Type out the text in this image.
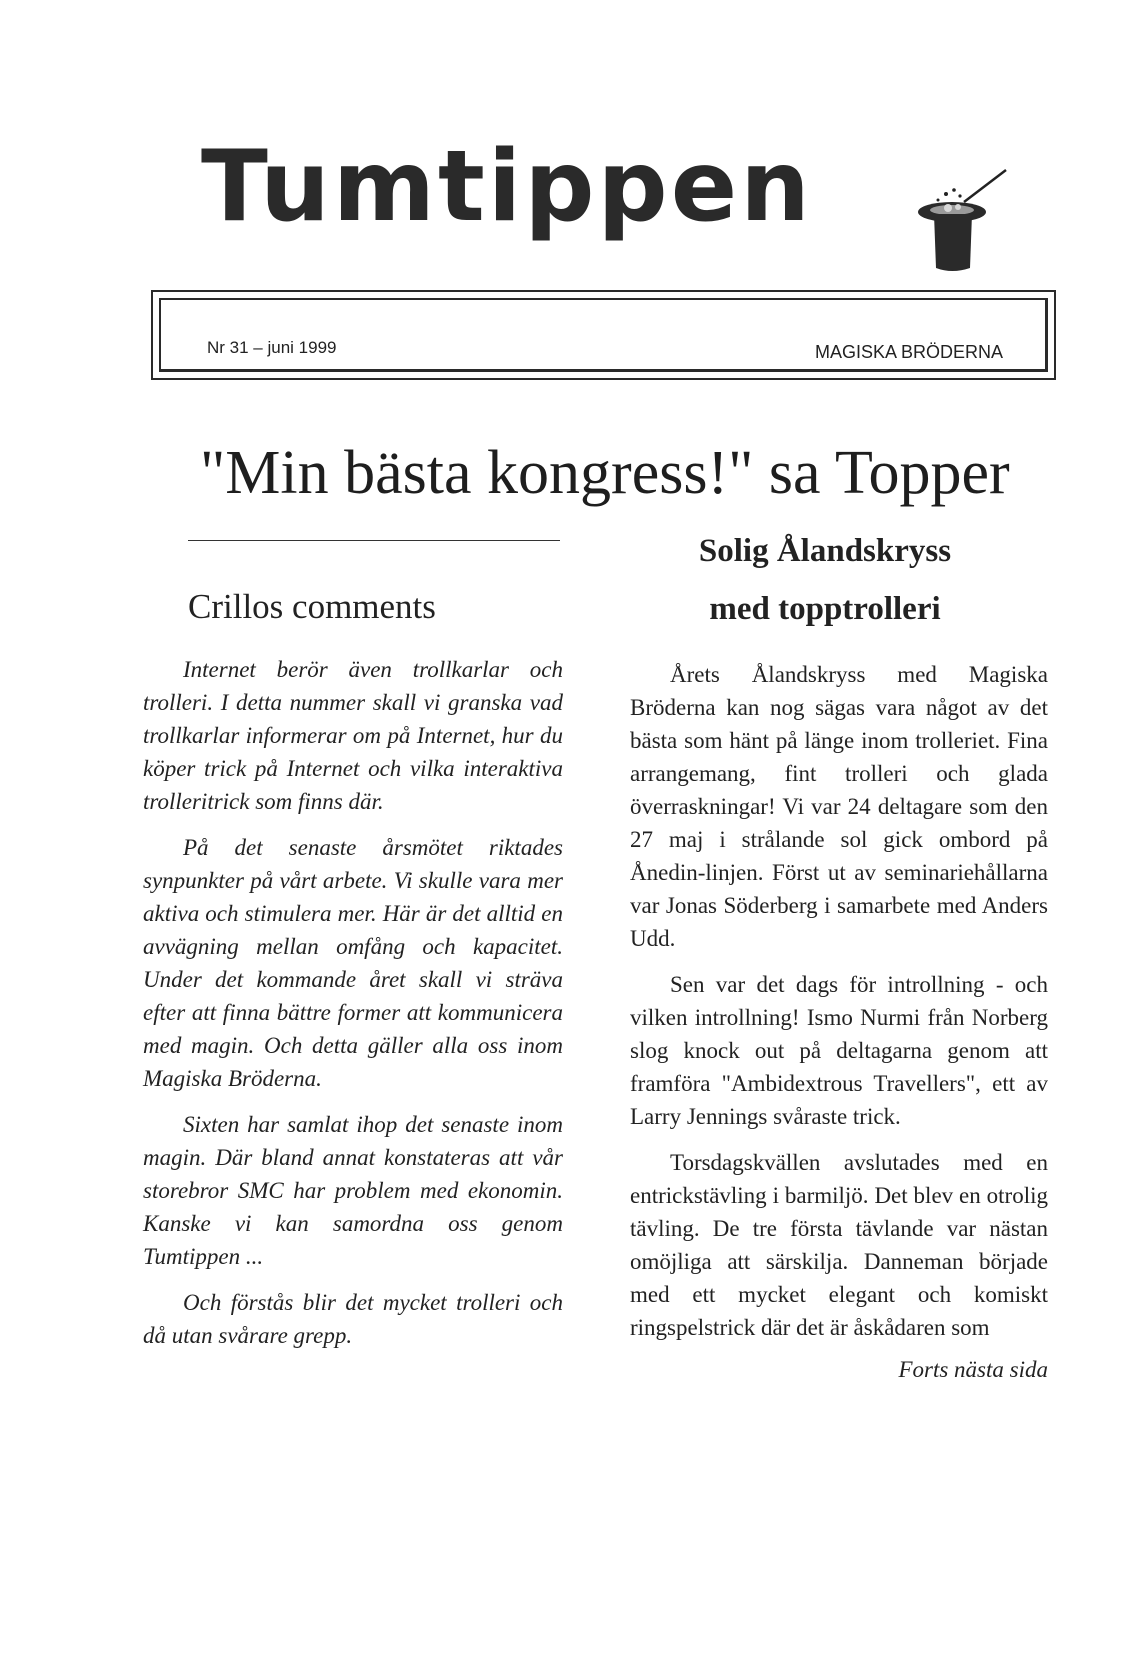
Tumtippen
Nr 31 – juni 1999	MAGISKA BRÖDERNA
"Min bästa kongress!" sa Topper
Crillos comments
Solig Ålandskryss
med topptrolleri

Internet berör även trollkarlar och trolleri. I detta nummer skall vi granska vad trollkarlar informerar om på Internet, hur du köper trick på Internet och vilka interaktiva trolleritrick som finns där.

På det senaste årsmötet riktades synpunkter på vårt arbete. Vi skulle vara mer aktiva och stimulera mer. Här är det alltid en avvägning mellan omfång och kapacitet. Under det kommande året skall vi sträva efter att finna bättre former att kommunicera med magin. Och detta gäller alla oss inom Magiska Bröderna.

Sixten har samlat ihop det senaste inom magin. Där bland annat konstateras att vår storebror SMC har problem med ekonomin. Kanske vi kan samordna oss genom Tumtippen ...

Och förstås blir det mycket trolleri och då utan svårare grepp.

Årets Ålandskryss med Magiska Bröderna kan nog sägas vara något av det bästa som hänt på länge inom trolleriet. Fina arrangemang, fint trolleri och glada överraskningar! Vi var 24 deltagare som den 27 maj i strålande sol gick ombord på Ånedin-linjen. Först ut av seminariehållarna var Jonas Söderberg i samarbete med Anders Udd.

Sen var det dags för introllning - och vilken introllning! Ismo Nurmi från Norberg slog knock out på deltagarna genom att framföra "Ambidextrous Travellers", ett av Larry Jennings svåraste trick.

Torsdagskvällen avslutades med en entrickstävling i barmiljö. Det blev en otrolig tävling. De tre första tävlande var nästan omöjliga att särskilja. Danneman började med ett mycket elegant och komiskt ringspelstrick där det är åskådaren som

Forts nästa sida
